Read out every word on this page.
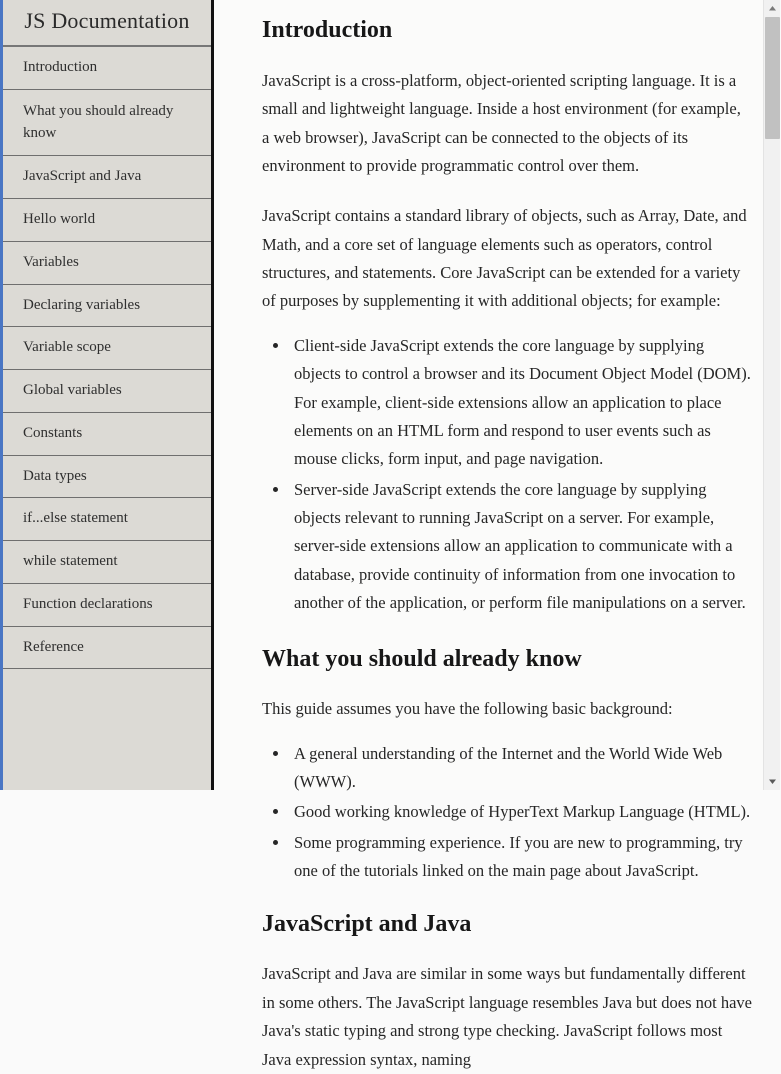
JS Documentation
Introduction
What you should already know
JavaScript and Java
Hello world
Variables
Declaring variables
Variable scope
Global variables
Constants
Data types
if...else statement
while statement
Function declarations
Reference
Introduction

JavaScript is a cross-platform, object-oriented scripting language. It is a small and lightweight language. Inside a host environment (for example, a web browser), JavaScript can be connected to the objects of its environment to provide programmatic control over them.

JavaScript contains a standard library of objects, such as Array, Date, and Math, and a core set of language elements such as operators, control structures, and statements. Core JavaScript can be extended for a variety of purposes by supplementing it with additional objects; for example:

• Client-side JavaScript extends the core language by supplying objects to control a browser and its Document Object Model (DOM). For example, client-side extensions allow an application to place elements on an HTML form and respond to user events such as mouse clicks, form input, and page navigation.
• Server-side JavaScript extends the core language by supplying objects relevant to running JavaScript on a server. For example, server-side extensions allow an application to communicate with a database, provide continuity of information from one invocation to another of the application, or perform file manipulations on a server.
What you should already know

This guide assumes you have the following basic background:

• A general understanding of the Internet and the World Wide Web (WWW).
• Good working knowledge of HyperText Markup Language (HTML).
• Some programming experience. If you are new to programming, try one of the tutorials linked on the main page about JavaScript.
JavaScript and Java

JavaScript and Java are similar in some ways but fundamentally different in some others. The JavaScript language resembles Java but does not have Java's static typing and strong type checking. JavaScript follows most Java expression syntax, naming
